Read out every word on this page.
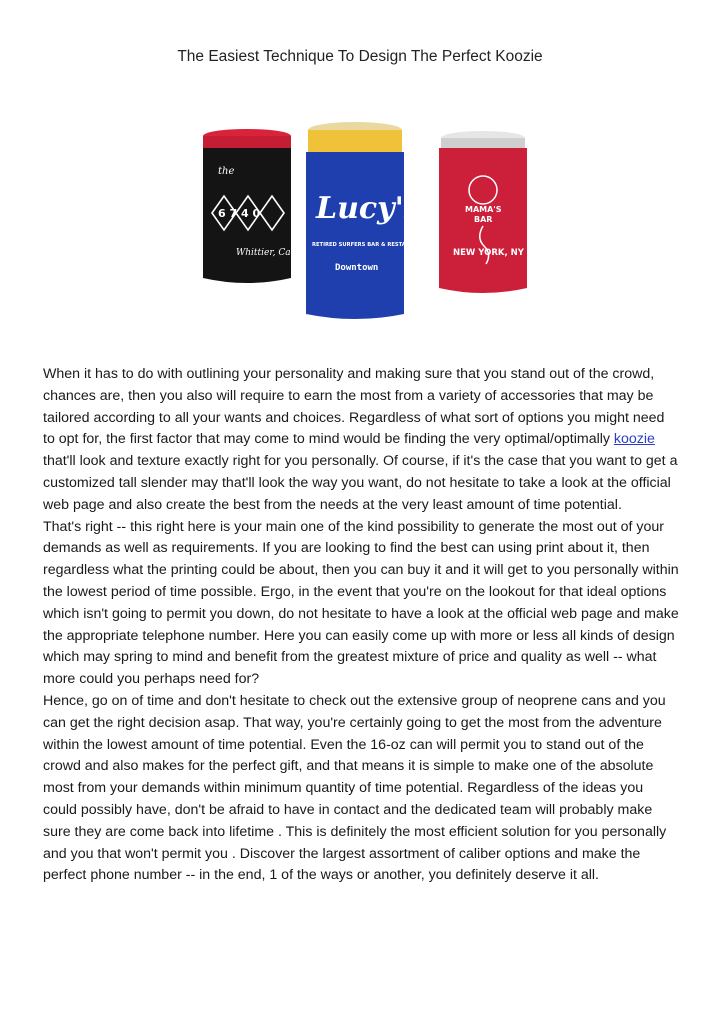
The Easiest Technique To Design The Perfect Koozie
the
6 7 4 0
Whittier, Ca
Lucy's
RETIRED SURFERS BAR & RESTAURANT
Downtown
MAMA'S
BAR
NEW YORK, NY

When it has to do with outlining your personality and making sure that you stand out of the crowd, chances are, then you also will require to earn the most from a variety of accessories that may be tailored according to all your wants and choices. Regardless of what sort of options you might need to opt for, the first factor that may come to mind would be finding the very optimal/optimally koozie that'll look and texture exactly right for you personally. Of course, if it's the case that you want to get a customized tall slender may that'll look the way you want, do not hesitate to take a look at the official web page and also create the best from the needs at the very least amount of time potential.

That's right -- this right here is your main one of the kind possibility to generate the most out of your demands as well as requirements. If you are looking to find the best can using print about it, then regardless what the printing could be about, then you can buy it and it will get to you personally within the lowest period of time possible. Ergo, in the event that you're on the lookout for that ideal options which isn't going to permit you down, do not hesitate to have a look at the official web page and make the appropriate telephone number. Here you can easily come up with more or less all kinds of design which may spring to mind and benefit from the greatest mixture of price and quality as well -- what more could you perhaps need for?

Hence, go on of time and don't hesitate to check out the extensive group of neoprene cans and you can get the right decision asap. That way, you're certainly going to get the most from the adventure within the lowest amount of time potential. Even the 16-oz can will permit you to stand out of the crowd and also makes for the perfect gift, and that means it is simple to make one of the absolute most from your demands within minimum quantity of time potential. Regardless of the ideas you could possibly have, don't be afraid to have in contact and the dedicated team will probably make sure they are come back into lifetime . This is definitely the most efficient solution for you personally and you that won't permit you . Discover the largest assortment of caliber options and make the perfect phone number -- in the end, 1 of the ways or another, you definitely deserve it all.
